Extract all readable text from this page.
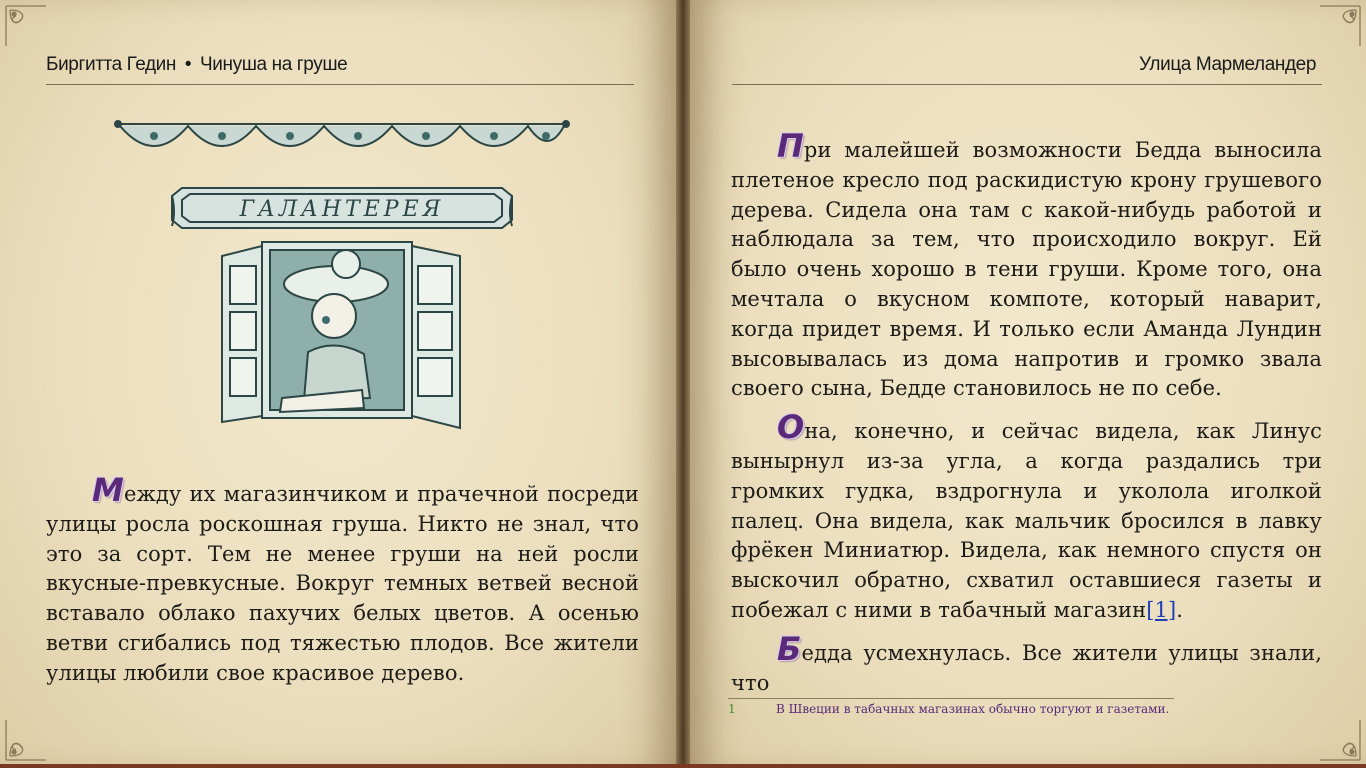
Биргитта Гедин • Чинуша на груше
ГАЛАНТЕРЕЯ

Между их магазинчиком и прачечной посреди улицы росла роскошная груша. Никто не знал, что это за сорт. Тем не менее груши на ней росли вкусные-превкусные. Вокруг темных ветвей весной вставало облако пахучих белых цветов. А осенью ветви сгибались под тяжестью плодов. Все жители улицы любили свое красивое дерево.

Улица Мармеландер

При малейшей возможности Бедда выносила плетеное кресло под раскидистую крону грушевого дерева. Сидела она там с какой-нибудь работой и наблюдала за тем, что происходило вокруг. Ей было очень хорошо в тени груши. Кроме того, она мечтала о вкусном компоте, который наварит, когда придет время. И только если Аманда Лундин высовывалась из дома напротив и громко звала своего сына, Бедде становилось не по себе.

Она, конечно, и сейчас видела, как Линус вынырнул из-за угла, а когда раздались три громких гудка, вздрогнула и уколола иголкой палец. Она видела, как мальчик бросился в лавку фрёкен Миниатюр. Видела, как немного спустя он выскочил обратно, схватил оставшиеся газеты и побежал с ними в табачный магазин[1].

Бедда усмехнулась. Все жители улицы знали, что

1	В Швеции в табачных магазинах обычно торгуют и газетами.
